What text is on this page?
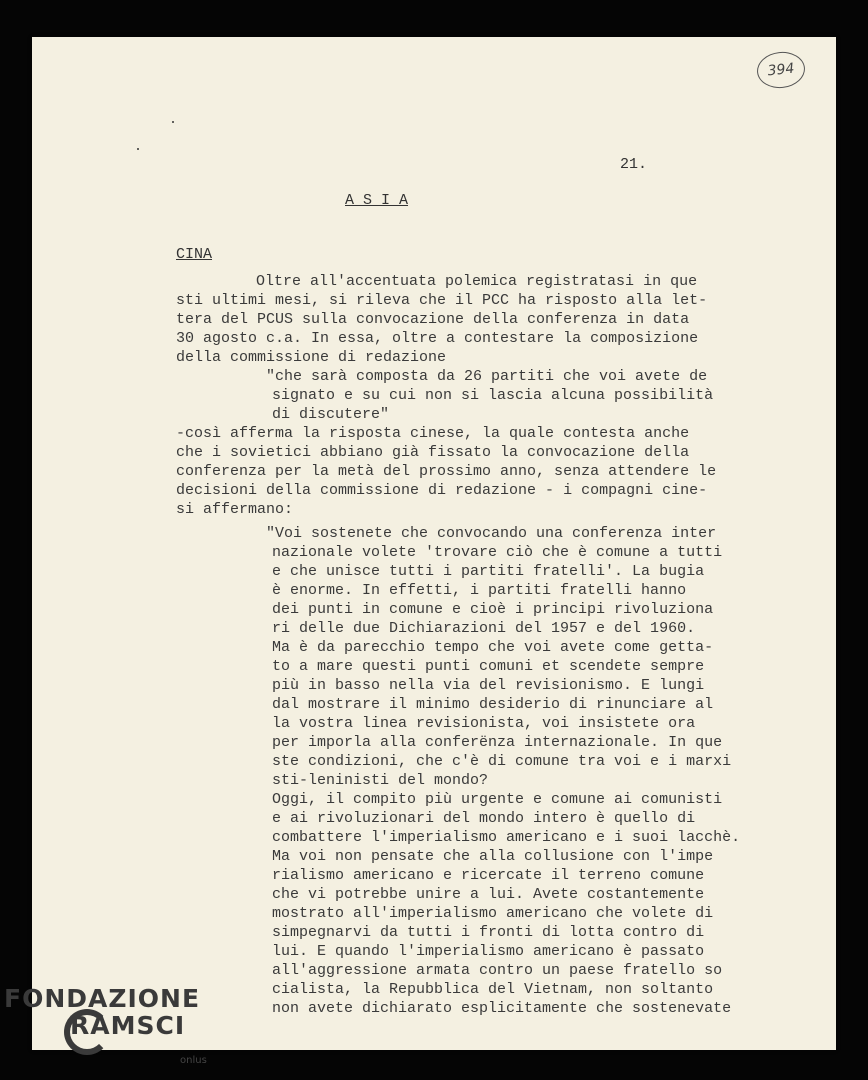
394
21.
A S I A
CINA
Oltre all'accentuata polemica registratasi in que
sti ultimi mesi, si rileva che il PCC ha risposto alla let-
tera del PCUS sulla convocazione della conferenza in data
30 agosto c.a. In essa, oltre a contestare la composizione
della commissione di redazione
"che sarà composta da 26 partiti che voi avete de
signato e su cui non si lascia alcuna possibilità
di discutere"
-così afferma la risposta cinese, la quale contesta anche
che i sovietici abbiano già fissato la convocazione della
conferenza per la metà del prossimo anno, senza attendere le
decisioni della commissione di redazione - i compagni cine-
si affermano:
"Voi sostenete che convocando una conferenza inter
nazionale volete 'trovare ciò che è comune a tutti
e che unisce tutti i partiti fratelli'. La bugia
è enorme. In effetti, i partiti fratelli hanno
dei punti in comune e cioè i principi rivoluziona
ri delle due Dichiarazioni del 1957 e del 1960.
Ma è da parecchio tempo che voi avete come getta-
to a mare questi punti comuni et scendete sempre
più in basso nella via del revisionismo. E lungi
dal mostrare il minimo desiderio di rinunciare al
la vostra linea revisionista, voi insistete ora
per imporla alla conferënza internazionale. In que
ste condizioni, che c'è di comune tra voi e i marxi
sti-leninisti del mondo?
Oggi, il compito più urgente e comune ai comunisti
e ai rivoluzionari del mondo intero è quello di
combattere l'imperialismo americano e i suoi lacchè.
Ma voi non pensate che alla collusione con l'impe
rialismo americano e ricercate il terreno comune
che vi potrebbe unire a lui. Avete costantemente
mostrato all'imperialismo americano che volete di
simpegnarvi da tutti i fronti di lotta contro di
lui. E quando l'imperialismo americano è passato
all'aggressione armata contro un paese fratello so
cialista, la Repubblica del Vietnam, non soltanto
non avete dichiarato esplicitamente che sostenevate
FONDAZIONE
RAMSCI
onlus
